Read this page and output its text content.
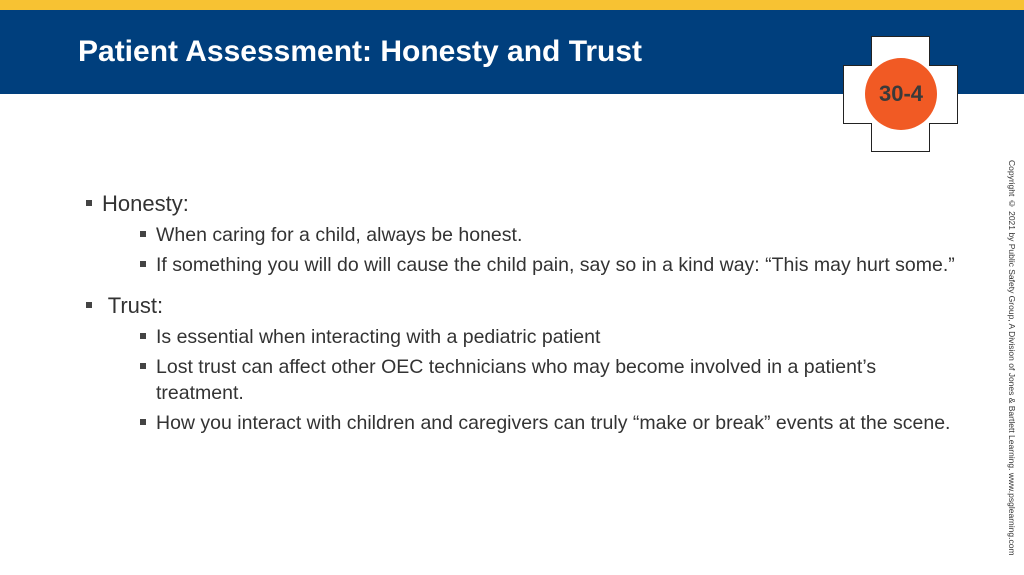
Patient Assessment: Honesty and Trust
30-4
Copyright © 2021 by Public Safety Group, A Division of Jones & Bartlett Learning. www.psglearning.com
Honesty:
When caring for a child, always be honest.
If something you will do will cause the child pain, say so in a kind way: “This may hurt some.”
Trust:
Is essential when interacting with a pediatric patient
Lost trust can affect other OEC technicians who may become involved in a patient’s treatment.
How you interact with children and caregivers can truly “make or break” events at the scene.
